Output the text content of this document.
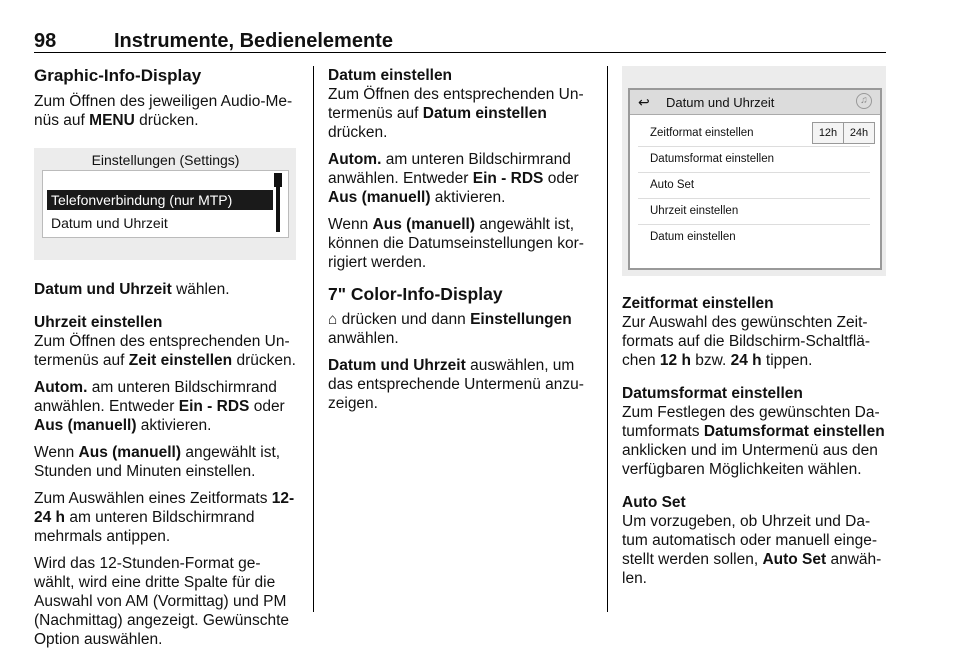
98	Instrumente, Bedienelemente
Graphic-Info-Display

Zum Öffnen des jeweiligen Audio-Me-nüs auf MENU drücken.

Einstellungen (Settings)
Telefonverbindung (nur MTP)
Datum und Uhrzeit

Datum und Uhrzeit wählen.

Uhrzeit einstellen

Zum Öffnen des entsprechenden Un-termenüs auf Zeit einstellen drücken.

Autom. am unteren Bildschirmrand anwählen. Entweder Ein - RDS oder Aus (manuell) aktivieren.

Wenn Aus (manuell) angewählt ist, Stunden und Minuten einstellen.

Zum Auswählen eines Zeitformats 12-24 h am unteren Bildschirmrand mehrmals antippen.

Wird das 12-Stunden-Format ge-wählt, wird eine dritte Spalte für die Auswahl von AM (Vormittag) und PM (Nachmittag) angezeigt. Gewünschte Option auswählen.

Datum einstellen

Zum Öffnen des entsprechenden Un-termenüs auf Datum einstellen drücken.

Autom. am unteren Bildschirmrand anwählen. Entweder Ein - RDS oder Aus (manuell) aktivieren.

Wenn Aus (manuell) angewählt ist, können die Datumseinstellungen kor-rigiert werden.

7" Color-Info-Display

⌂ drücken und dann Einstellungen anwählen.

Datum und Uhrzeit auswählen, um das entsprechende Untermenü anzu-zeigen.

↩ Datum und Uhrzeit	♫
Zeitformat einstellen	12h	24h
Datumsformat einstellen
Auto Set
Uhrzeit einstellen
Datum einstellen
Zeitformat einstellen

Zur Auswahl des gewünschten Zeit-formats auf die Bildschirm-Schaltflä-chen 12 h bzw. 24 h tippen.

Datumsformat einstellen

Zum Festlegen des gewünschten Da-tumformats Datumsformat einstellen anklicken und im Untermenü aus den verfügbaren Möglichkeiten wählen.

Auto Set

Um vorzugeben, ob Uhrzeit und Da-tum automatisch oder manuell einge-stellt werden sollen, Auto Set anwäh-len.
